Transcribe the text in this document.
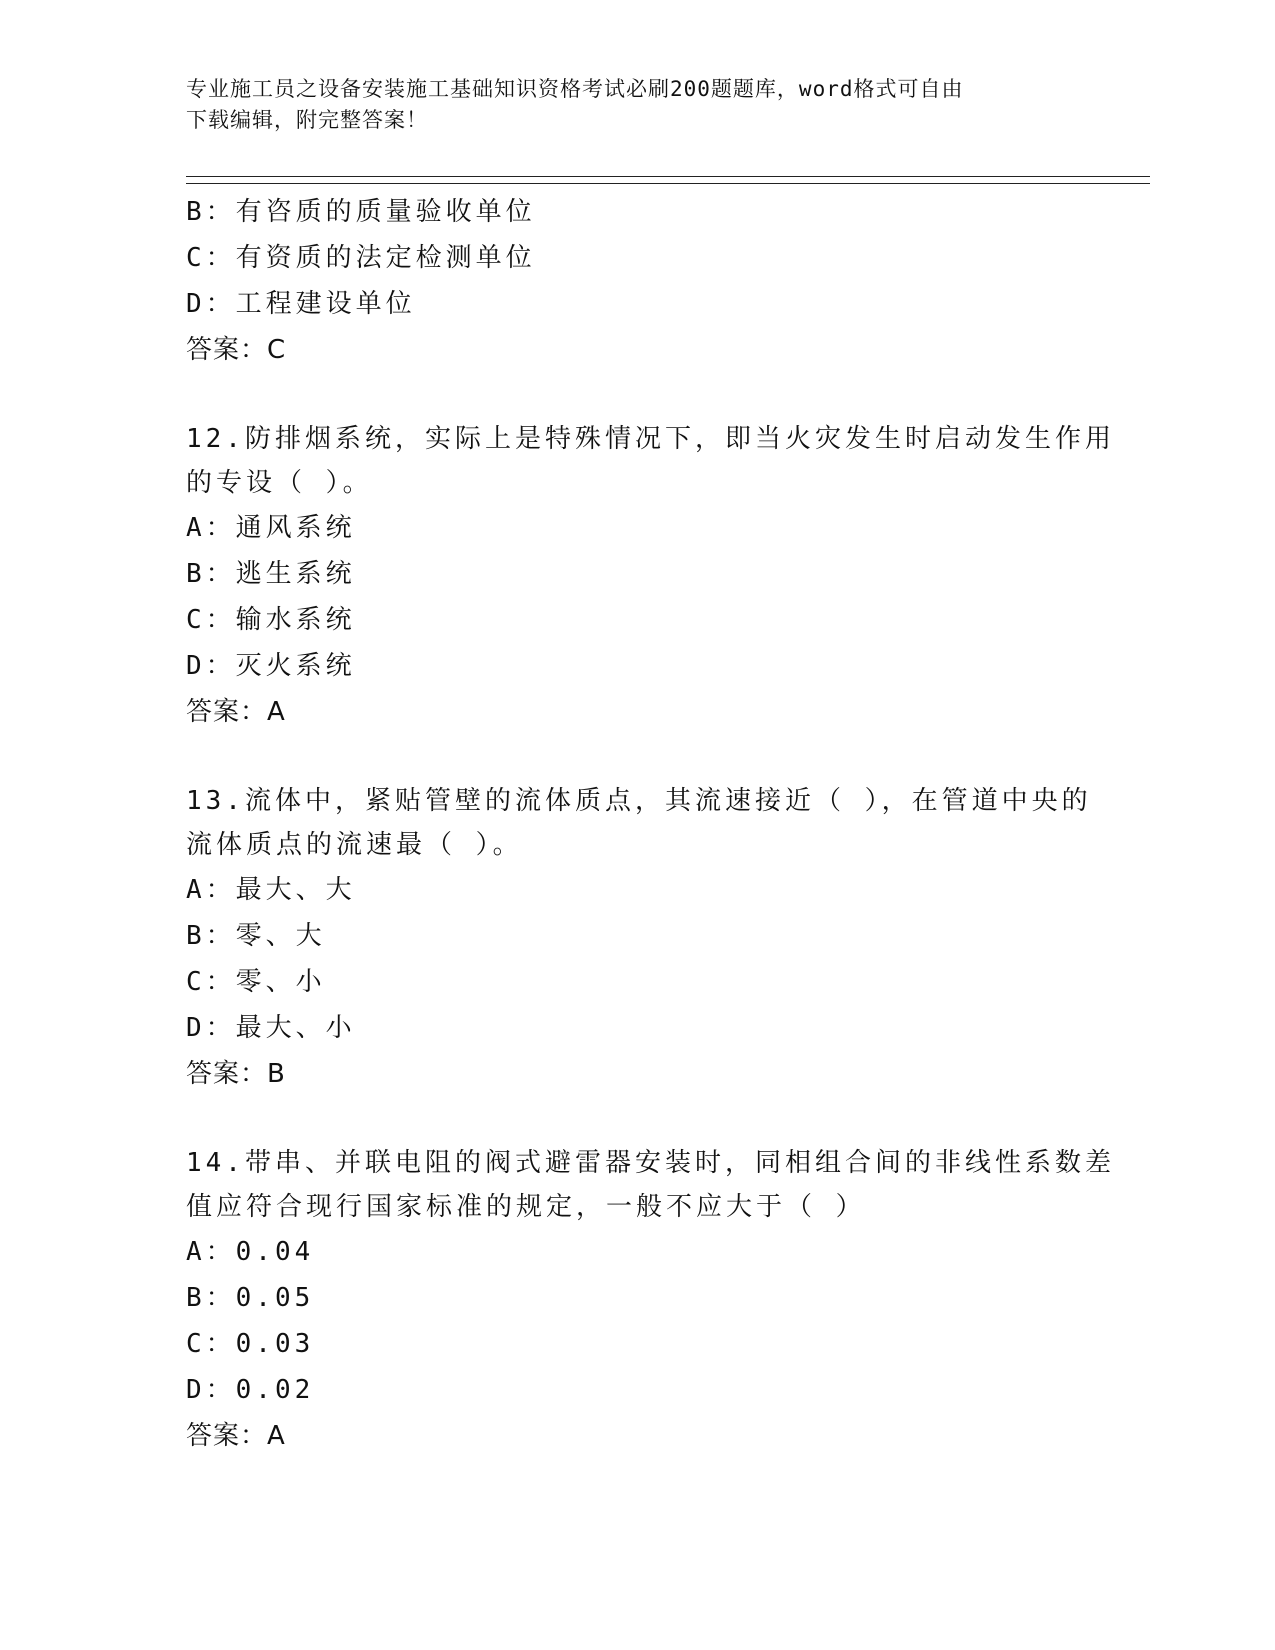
专业施工员之设备安装施工基础知识资格考试必刷200题题库，word格式可自由
下载编辑，附完整答案！
B：有咨质的质量验收单位
C：有资质的法定检测单位
D：工程建设单位
答案：C
12.防排烟系统，实际上是特殊情况下，即当火灾发生时启动发生作用
的专设（ ）。
A：通风系统
B：逃生系统
C：输水系统
D：灭火系统
答案：A
13.流体中，紧贴管壁的流体质点，其流速接近（ ），在管道中央的
流体质点的流速最（ ）。
A：最大、大
B：零、大
C：零、小
D：最大、小
答案：B
14.带串、并联电阻的阀式避雷器安装时，同相组合间的非线性系数差
值应符合现行国家标准的规定，一般不应大于（ ）
A：0.04
B：0.05
C：0.03
D：0.02
答案：A
